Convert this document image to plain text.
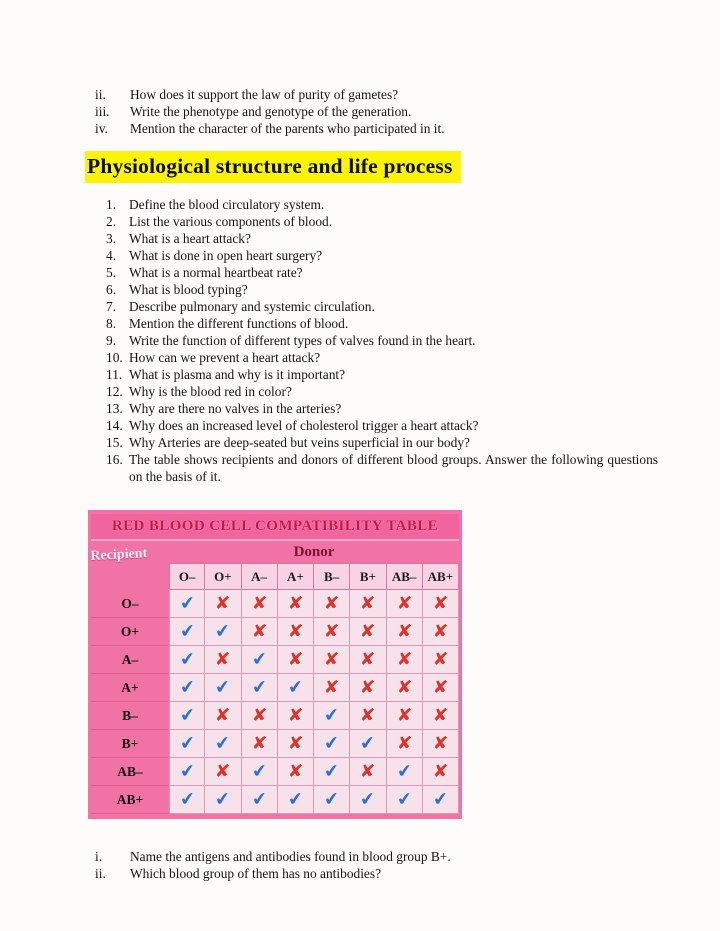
ii.	How does it support the law of purity of gametes?
iii.	Write the phenotype and genotype of the generation.
iv.	Mention the character of the parents who participated in it.
Physiological structure and life process
1. Define the blood circulatory system.
2. List the various components of blood.
3. What is a heart attack?
4. What is done in open heart surgery?
5. What is a normal heartbeat rate?
6. What is blood typing?
7. Describe pulmonary and systemic circulation.
8. Mention the different functions of blood.
9. Write the function of different types of valves found in the heart.
10. How can we prevent a heart attack?
11. What is plasma and why is it important?
12. Why is the blood red in color?
13. Why are there no valves in the arteries?
14. Why does an increased level of cholesterol trigger a heart attack?
15. Why Arteries are deep-seated but veins superficial in our body?
16. The table shows recipients and donors of different blood groups. Answer the following questions on the basis of it.
RED BLOOD CELL COMPATIBILITY TABLE
Recipient	Donor
O–	O+	A–	A+	B–	B+	AB– AB+
O–	✔ ✘ ✘ ✘ ✘ ✘ ✘ ✘
O+	✔ ✔ ✘ ✘ ✘ ✘ ✘ ✘
A–	✔ ✘ ✔ ✘ ✘ ✘ ✘ ✘
A+	✔ ✔ ✔ ✔ ✘ ✘ ✘ ✘
B–	✔ ✘ ✘ ✘ ✔ ✘ ✘ ✘
B+	✔ ✔ ✘ ✘ ✔ ✔ ✘ ✘
AB–	✔ ✘ ✔ ✘ ✔ ✘ ✔ ✘
AB+	✔ ✔ ✔ ✔ ✔ ✔ ✔ ✔
i.	Name the antigens and antibodies found in blood group B+.
ii.	Which blood group of them has no antibodies?
